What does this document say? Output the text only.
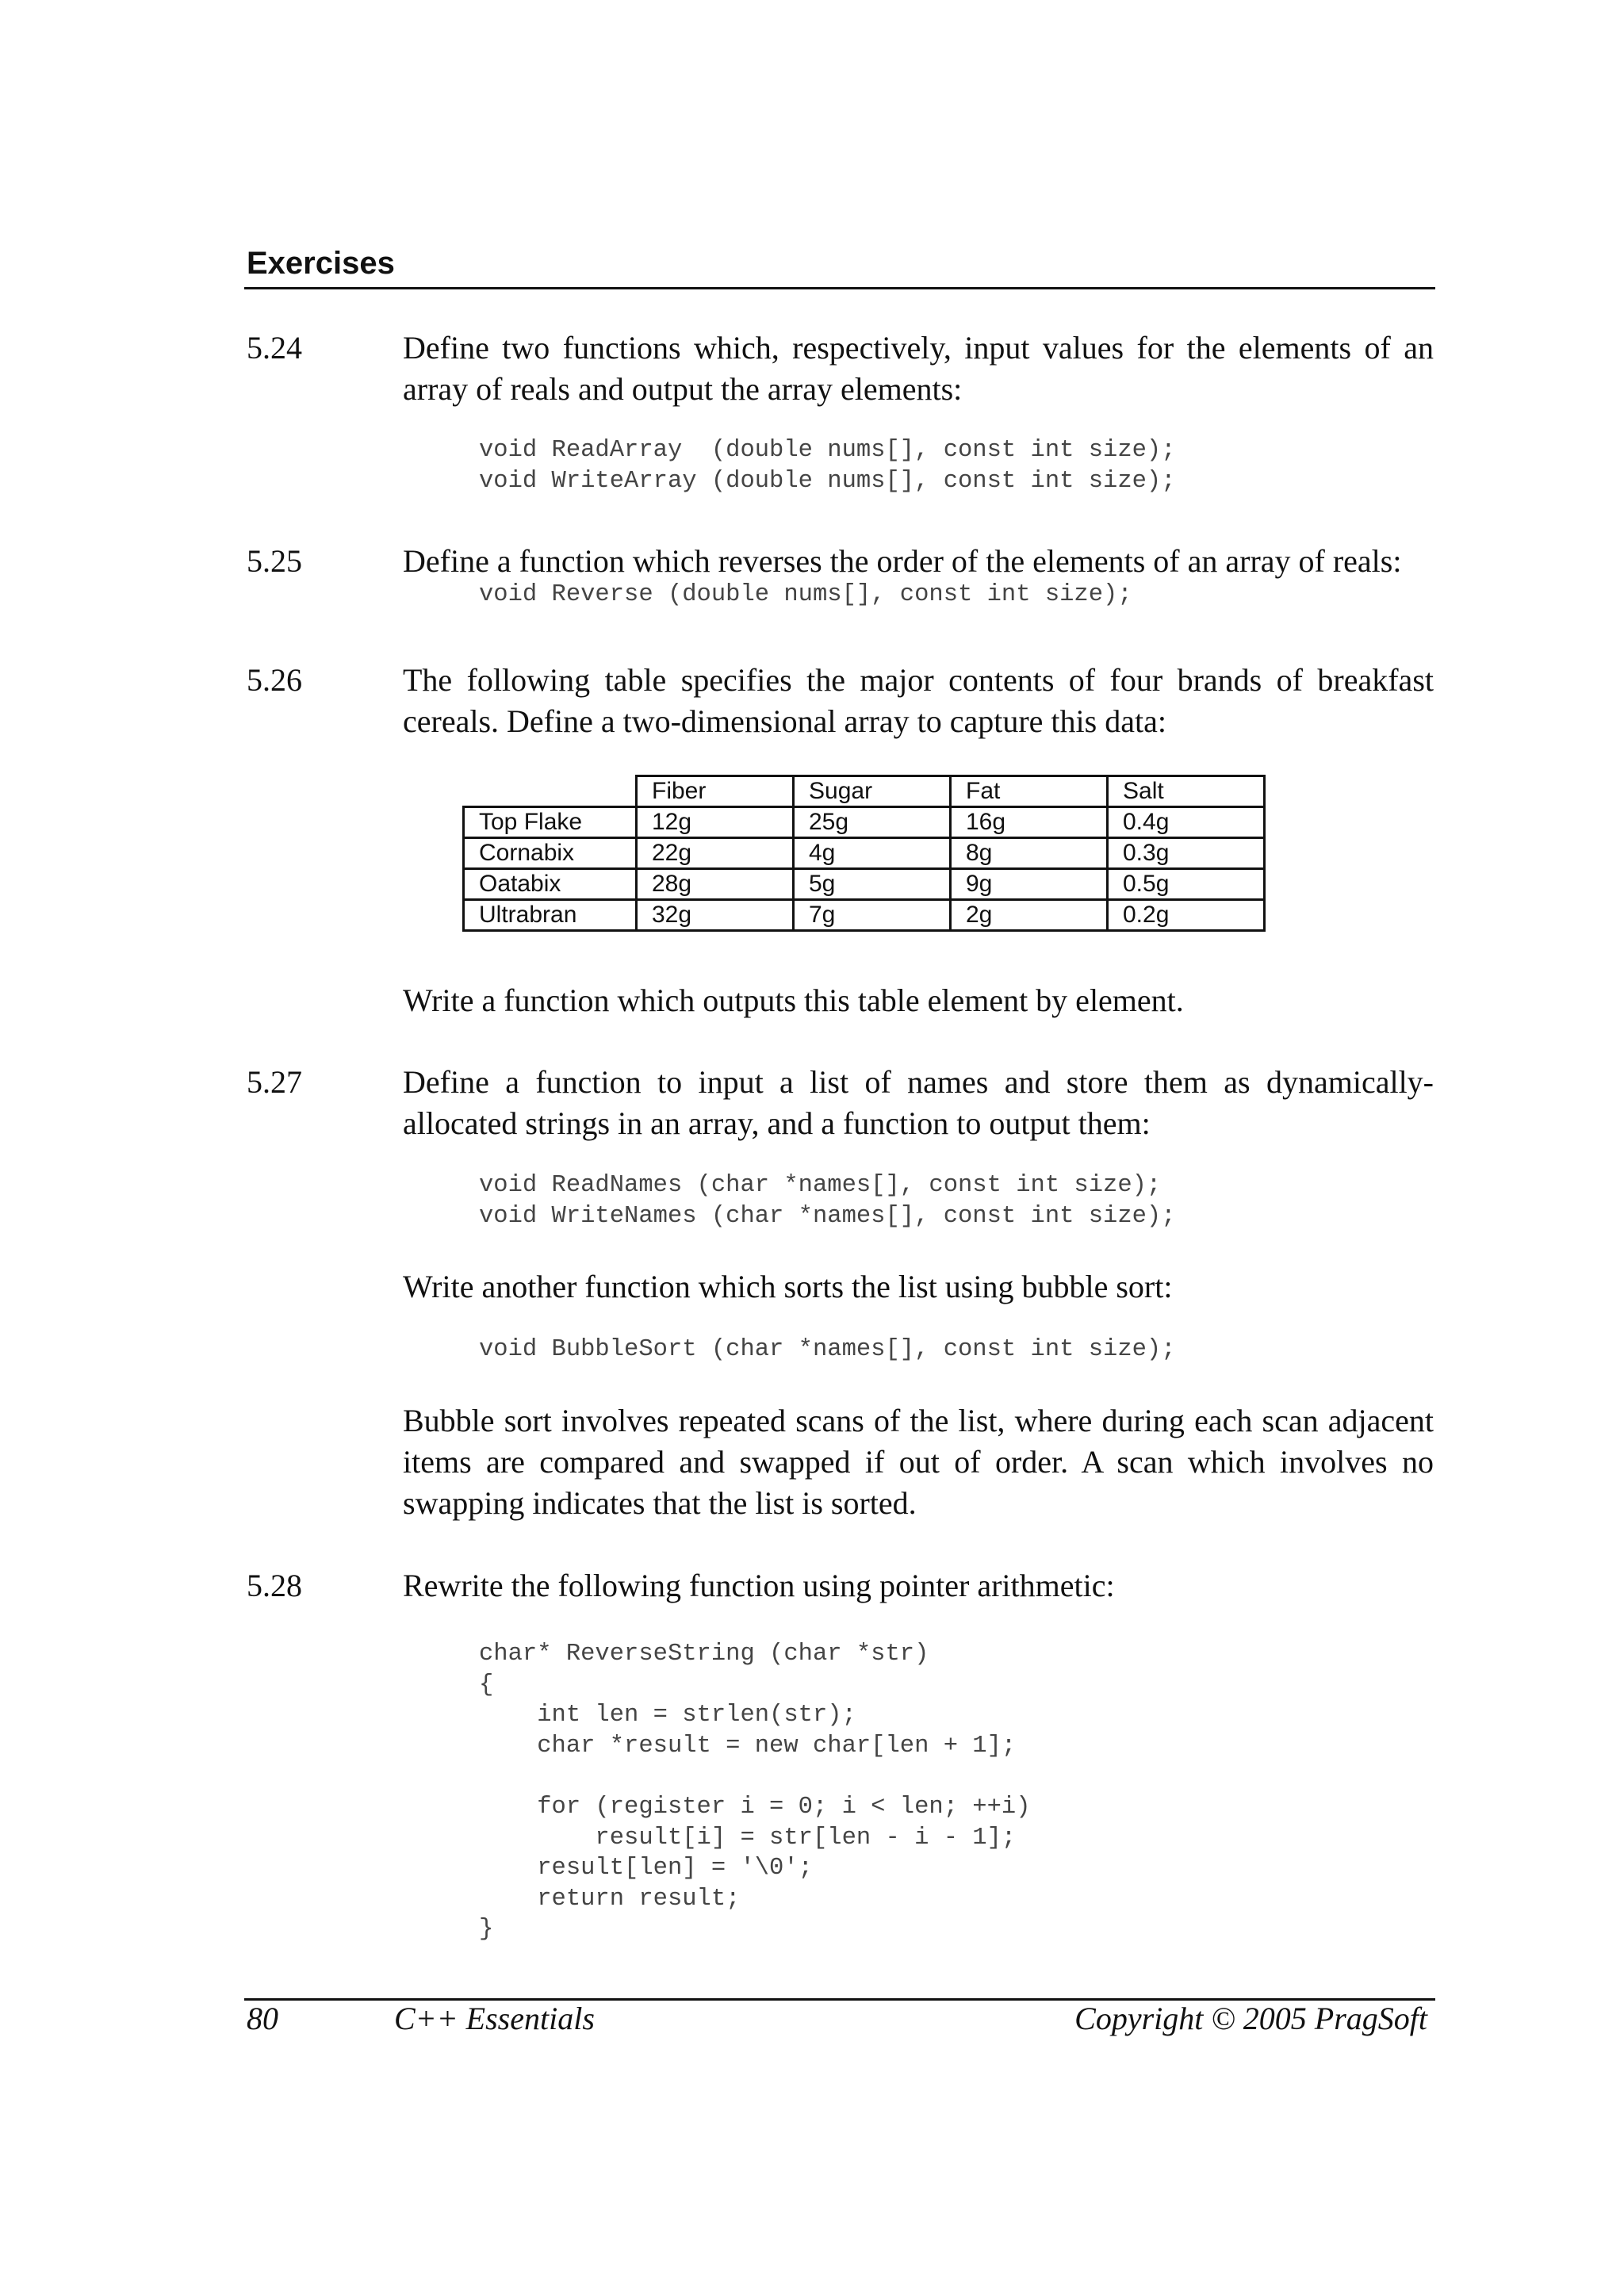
Exercises
5.24	Define two functions which, respectively, input values for the elements of an array of reals and output the array elements:
void ReadArray  (double nums[], const int size);
void WriteArray (double nums[], const int size);
5.25	Define a function which reverses the order of the elements of an array of reals:
void Reverse (double nums[], const int size);
5.26	The following table specifies the major contents of four brands of breakfast cereals. Define a two-dimensional array to capture this data:
	Fiber	Sugar	Fat	Salt
Top Flake	12g	25g	16g	0.4g
Cornabix	22g	4g	8g	0.3g
Oatabix	28g	5g	9g	0.5g
Ultrabran	32g	7g	2g	0.2g
Write a function which outputs this table element by element.
5.27	Define a function to input a list of names and store them as dynamically-allocated strings in an array, and a function to output them:
void ReadNames (char *names[], const int size);
void WriteNames (char *names[], const int size);
Write another function which sorts the list using bubble sort:
void BubbleSort (char *names[], const int size);
Bubble sort involves repeated scans of the list, where during each scan adjacent items are compared and swapped if out of order. A scan which involves no swapping indicates that the list is sorted.
5.28	Rewrite the following function using pointer arithmetic:
char* ReverseString (char *str)
{
int len = strlen(str);
char *result = new char[len + 1];

for (register i = 0; i < len; ++i)
result[i] = str[len - i - 1];
result[len] = '\0';
return result;
}
80	C++ Essentials	Copyright © 2005 PragSoft
